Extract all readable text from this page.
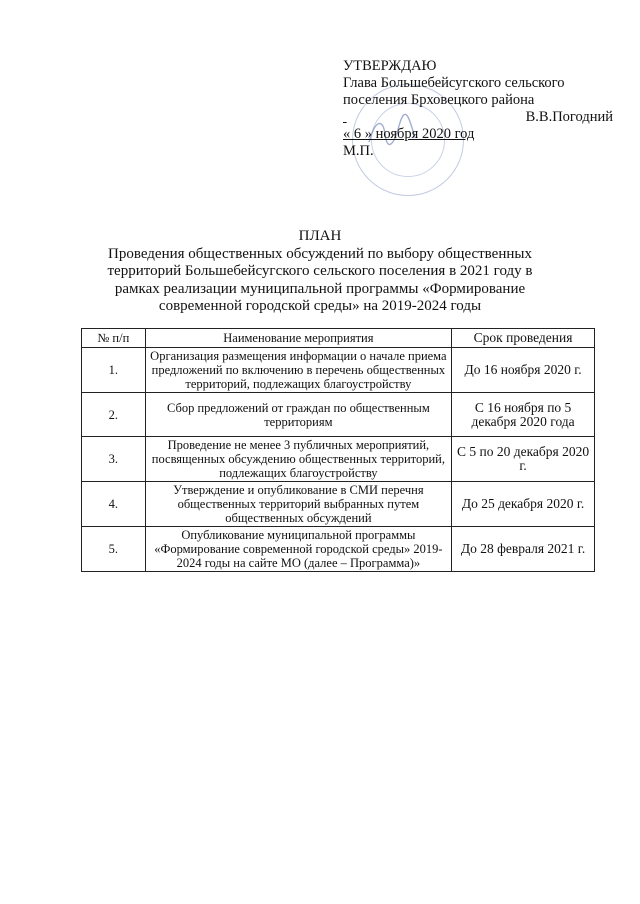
УТВЕРЖДАЮ
Глава Большебейсугского сельского
поселения Брховецкого района

В.В.Погодний
« 6 » ноября 2020 год
М.П.
ПЛАН
Проведения общественных обсуждений по выбору общественных территорий Большебейсугского сельского поселения в 2021 году в рамках реализации муниципальной программы «Формирование современной городской среды» на 2019-2024 годы
№ п/п	Наименование мероприятия	Срок проведения
1.	Организация размещения информации о начале приема предложений по включению в перечень общественных территорий, подлежащих благоустройству	До 16 ноября 2020 г.
2.	Сбор предложений от граждан по общественным территориям	С 16 ноября по 5 декабря 2020 года
3.	Проведение не менее 3 публичных мероприятий, посвященных обсуждению общественных территорий, подлежащих благоустройству	С 5 по 20 декабря 2020 г.
4.	Утверждение и опубликование в СМИ перечня общественных территорий выбранных путем общественных обсуждений	До 25 декабря 2020 г.
5.	Опубликование муниципальной программы «Формирование современной городской среды» 2019-2024 годы на сайте МО (далее – Программа)»	До 28 февраля 2021 г.
